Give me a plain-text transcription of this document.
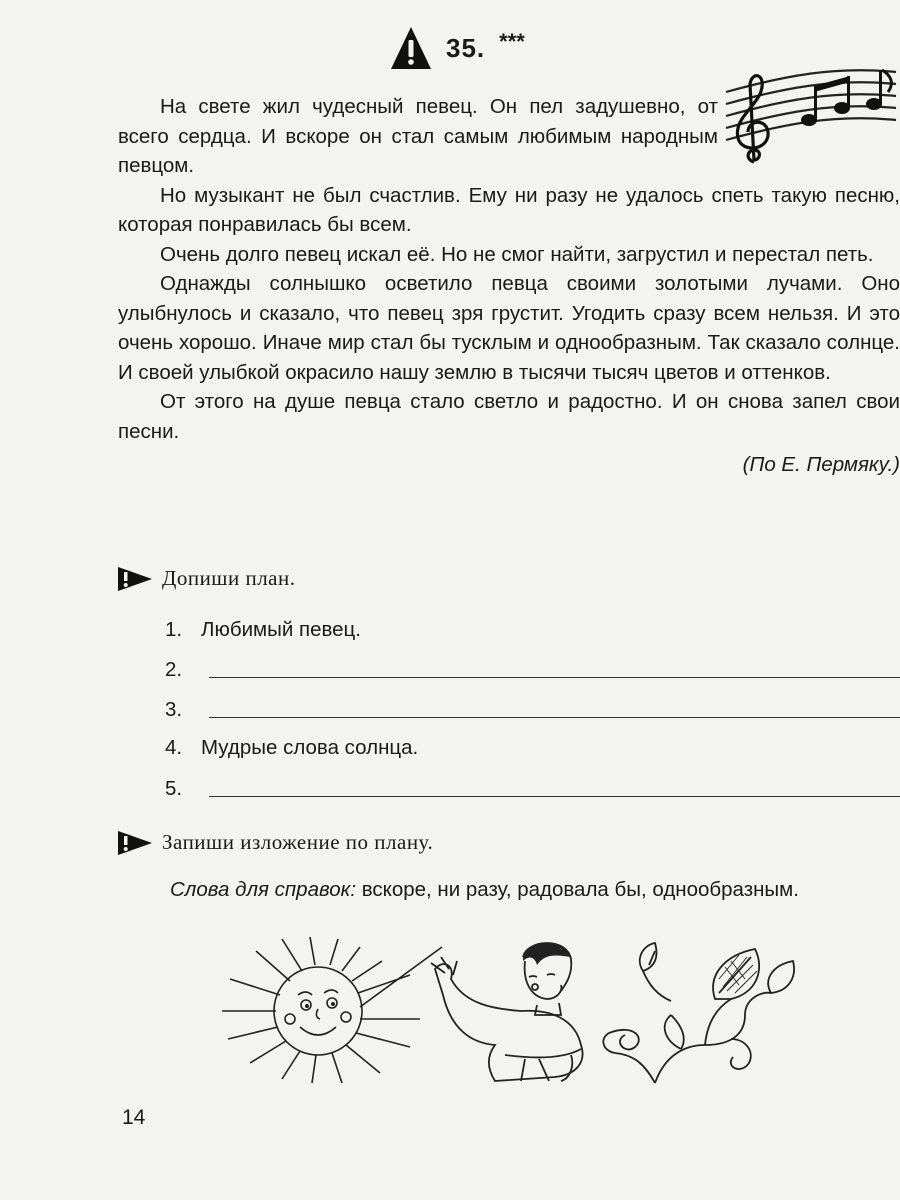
35. ***

На свете жил чудесный певец. Он пел задушевно, от всего сердца. И вскоре он стал самым любимым народным певцом.

Но музыкант не был счастлив. Ему ни разу не удалось спеть такую песню, которая понравилась бы всем.

Очень долго певец искал её. Но не смог найти, загрустил и перестал петь.

Однажды солнышко осветило певца своими золотыми лучами. Оно улыбнулось и сказало, что певец зря грустит. Угодить сразу всем нельзя. И это очень хорошо. Иначе мир стал бы тусклым и однообразным. Так сказало солнце. И своей улыбкой окрасило нашу землю в тысячи тысяч цветов и оттенков.

От этого на душе певца стало светло и радостно. И он снова запел свои песни.

(По Е. Пермяку.)

Допиши план.
1. Любимый певец.
2.
3.
4. Мудрые слова солнца.
5.
Запиши изложение по плану.
Слова для справок: вскоре, ни разу, радовала бы, однообразным.
14
